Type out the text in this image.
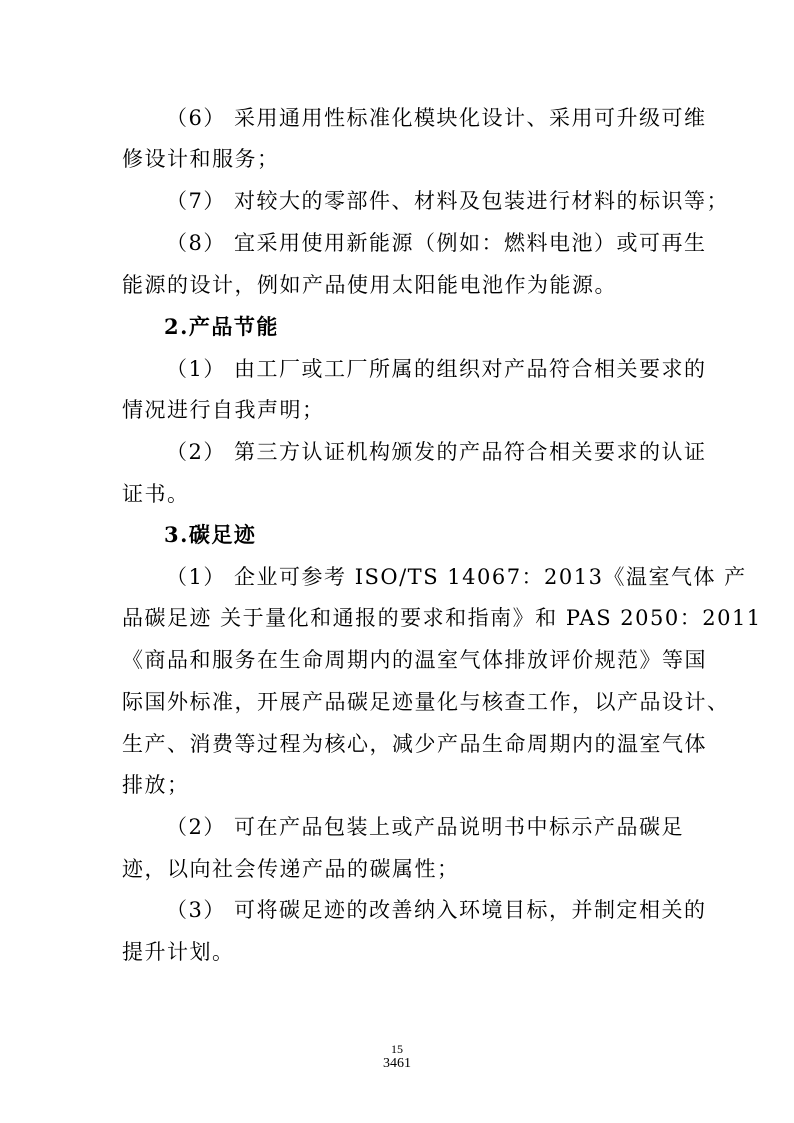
（6） 采用通用性标准化模块化设计、采用可升级可维
修设计和服务；
（7） 对较大的零部件、材料及包装进行材料的标识等；
（8） 宜采用使用新能源（例如：燃料电池）或可再生
能源的设计，例如产品使用太阳能电池作为能源。
2.产品节能
（1） 由工厂或工厂所属的组织对产品符合相关要求的
情况进行自我声明；
（2） 第三方认证机构颁发的产品符合相关要求的认证
证书。
3.碳足迹
（1） 企业可参考 ISO/TS 14067：2013《温室气体 产
品碳足迹 关于量化和通报的要求和指南》和 PAS 2050：2011
《商品和服务在生命周期内的温室气体排放评价规范》等国
际国外标准，开展产品碳足迹量化与核查工作，以产品设计、
生产、消费等过程为核心，减少产品生命周期内的温室气体
排放；
（2） 可在产品包装上或产品说明书中标示产品碳足
迹，以向社会传递产品的碳属性；
（3） 可将碳足迹的改善纳入环境目标，并制定相关的
提升计划。
15
3461
